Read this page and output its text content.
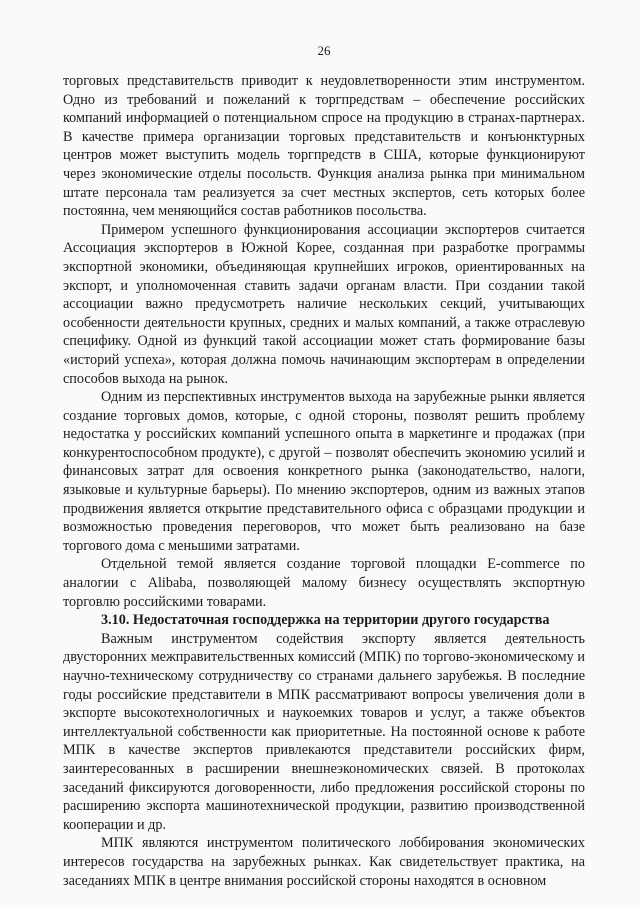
26

торговых представительств приводит к неудовлетворенности этим инструментом. Одно из требований и пожеланий к торгпредствам – обеспечение российских компаний информацией о потенциальном спросе на продукцию в странах-партнерах. В качестве примера организации торговых представительств и конъюнктурных центров может выступить модель торгпредств в США, которые функционируют через экономические отделы посольств. Функция анализа рынка при минимальном штате персонала там реализуется за счет местных экспертов, сеть которых более постоянна, чем меняющийся состав работников посольства.

Примером успешного функционирования ассоциации экспортеров считается Ассоциация экспортеров в Южной Корее, созданная при разработке программы экспортной экономики, объединяющая крупнейших игроков, ориентированных на экспорт, и уполномоченная ставить задачи органам власти. При создании такой ассоциации важно предусмотреть наличие нескольких секций, учитывающих особенности деятельности крупных, средних и малых компаний, а также отраслевую специфику. Одной из функций такой ассоциации может стать формирование базы «историй успеха», которая должна помочь начинающим экспортерам в определении способов выхода на рынок.

Одним из перспективных инструментов выхода на зарубежные рынки является создание торговых домов, которые, с одной стороны, позволят решить проблему недостатка у российских компаний успешного опыта в маркетинге и продажах (при конкурентоспособном продукте), с другой – позволят обеспечить экономию усилий и финансовых затрат для освоения конкретного рынка (законодательство, налоги, языковые и культурные барьеры). По мнению экспортеров, одним из важных этапов продвижения является открытие представительного офиса с образцами продукции и возможностью проведения переговоров, что может быть реализовано на базе торгового дома с меньшими затратами.

Отдельной темой является создание торговой площадки E-commerce по аналогии с Alibaba, позволяющей малому бизнесу осуществлять экспортную торговлю российскими товарами.

3.10. Недостаточная господдержка на территории другого государства

Важным инструментом содействия экспорту является деятельность двусторонних межправительственных комиссий (МПК) по торгово-экономическому и научно-техническому сотрудничеству со странами дальнего зарубежья. В последние годы российские представители в МПК рассматривают вопросы увеличения доли в экспорте высокотехнологичных и наукоемких товаров и услуг, а также объектов интеллектуальной собственности как приоритетные. На постоянной основе к работе МПК в качестве экспертов привлекаются представители российских фирм, заинтересованных в расширении внешнеэкономических связей. В протоколах заседаний фиксируются договоренности, либо предложения российской стороны по расширению экспорта машинотехнической продукции, развитию производственной кооперации и др.

МПК являются инструментом политического лоббирования экономических интересов государства на зарубежных рынках. Как свидетельствует практика, на заседаниях МПК в центре внимания российской стороны находятся в основном
